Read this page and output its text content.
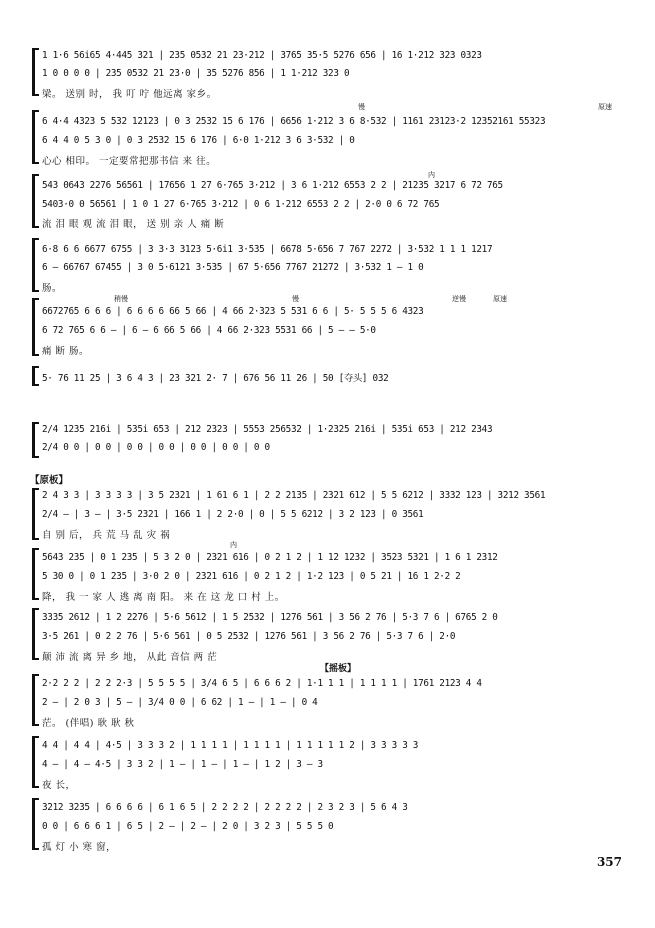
1 1·6 56i65 4·445 321 | 235 0532 21 23·212 | 3765 35·5 5276 656 | 16 1·212 323 0323
1 0 0 0 0 | 235 0532 21 23·0 | 35 5276 856 | 1 1·212 323 0
梁。 送别 时， 我 叮 咛 他远离 家乡。
慢	原速
6 4·4 4323 5 532 12123 | 0 3 2532 15 6 176 | 6656 1·212 3 6 8·532 | 1161 23123·2 12352161 55323
6 4 4 0 5 3 0 | 0 3 2532 15 6 176 | 6·0 1·212 3 6 3·532 | 0
心心 相印。 一定要常把那书信 来 往。
内
543 0643 2276 56561 | 17656 1 27 6·765 3·212 | 3 6 1·212 6553 2 2 | 21235 3217 6 72 765
5403·0 0 56561 | 1 0 1 27 6·765 3·212 | 0 6 1·212 6553 2 2 | 2·0 0 6 72 765
流 泪 眼 观 流 泪 眼， 送 别 亲 人 痛 断
6·8 6 6 6677 6755 | 3 3·3 3123 5·6i1 3·535 | 6678 5·656 7 767 2272 | 3·532 1 1 1 1217
6 — 66767 67455 | 3 0 5·6121 3·535 | 67 5·656 7767 21272 | 3·532 1 — 1 0
肠。
稍慢	慢	逆慢	原速
6672765 6 6 6 | 6 6 6 6 66 5 66 | 4 66 2·323 5 531 6 6 | 5· 5 5 5 6 4323
6 72 765 6 6 — | 6 — 6 66 5 66 | 4 66 2·323 5531 66 | 5 — — 5·0
痛 断 肠。
5· 76 11 25 | 3 6 4 3 | 23 321 2· 7 | 676 56 11 26 | 50 [夺头] 032
2/4 1235 216i | 535i 653 | 212 2323 | 5553 256532 | 1·2325 216i | 535i 653 | 212 2343
2/4 0 0 | 0 0 | 0 0 | 0 0 | 0 0 | 0 0 | 0 0
【原板】
2 4 3 3 | 3 3 3 3 | 3 5 2321 | 1 61 6 1 | 2 2 2135 | 2321 612 | 5 5 6212 | 3332 123 | 3212 3561
2/4 — | 3 — | 3·5 2321 | 166 1 | 2 2·0 | 0 | 5 5 6212 | 3 2 123 | 0 3561
自 别 后， 兵 荒 马 乱 灾 祸
内
5643 235 | 0 1 235 | 5 3 2 0 | 2321 616 | 0 2 1 2 | 1 12 1232 | 3523 5321 | 1 6 1 2312
5 30 0 | 0 1 235 | 3·0 2 0 | 2321 616 | 0 2 1 2 | 1·2 123 | 0 5 21 | 16 1 2·2 2
降， 我 一 家 人 逃 离 南 阳。 来 在 这 龙 口 村 上。
3335 2612 | 1 2 2276 | 5·6 5612 | 1 5 2532 | 1276 561 | 3 56 2 76 | 5·3 7 6 | 6765 2 0
3·5 261 | 0 2 2 76 | 5·6 561 | 0 5 2532 | 1276 561 | 3 56 2 76 | 5·3 7 6 | 2·0
颠 沛 流 离 异 乡 地， 从此 音信 两 茫
【摇板】
2·2 2 2 | 2 2 2·3 | 5 5 5 5 | 3/4 6 5 | 6 6 6 2 | 1·1 1 1 | 1 1 1 1 | 1761 2123 4 4
2 — | 2 0 3 | 5 — | 3/4 0 0 | 6 62 | 1 — | 1 — | 0 4
茫。 (伴唱) 耿 耿 秋
4 4 | 4 4 | 4·5 | 3 3 3 2 | 1 1 1 1 | 1 1 1 1 | 1 1 1 1 1 2 | 3 3 3 3 3
4 — | 4 — 4·5 | 3 3 2 | 1 — | 1 — | 1 — | 1 2 | 3 — 3
夜 长，
3212 3235 | 6 6 6 6 | 6 1 6 5 | 2 2 2 2 | 2 2 2 2 | 2 3 2 3 | 5 6 4 3
0 0 | 6 6 6 1 | 6 5 | 2 — | 2 — | 2 0 | 3 2 3 | 5 5 5 0
孤 灯 小 寒 窗，
357
